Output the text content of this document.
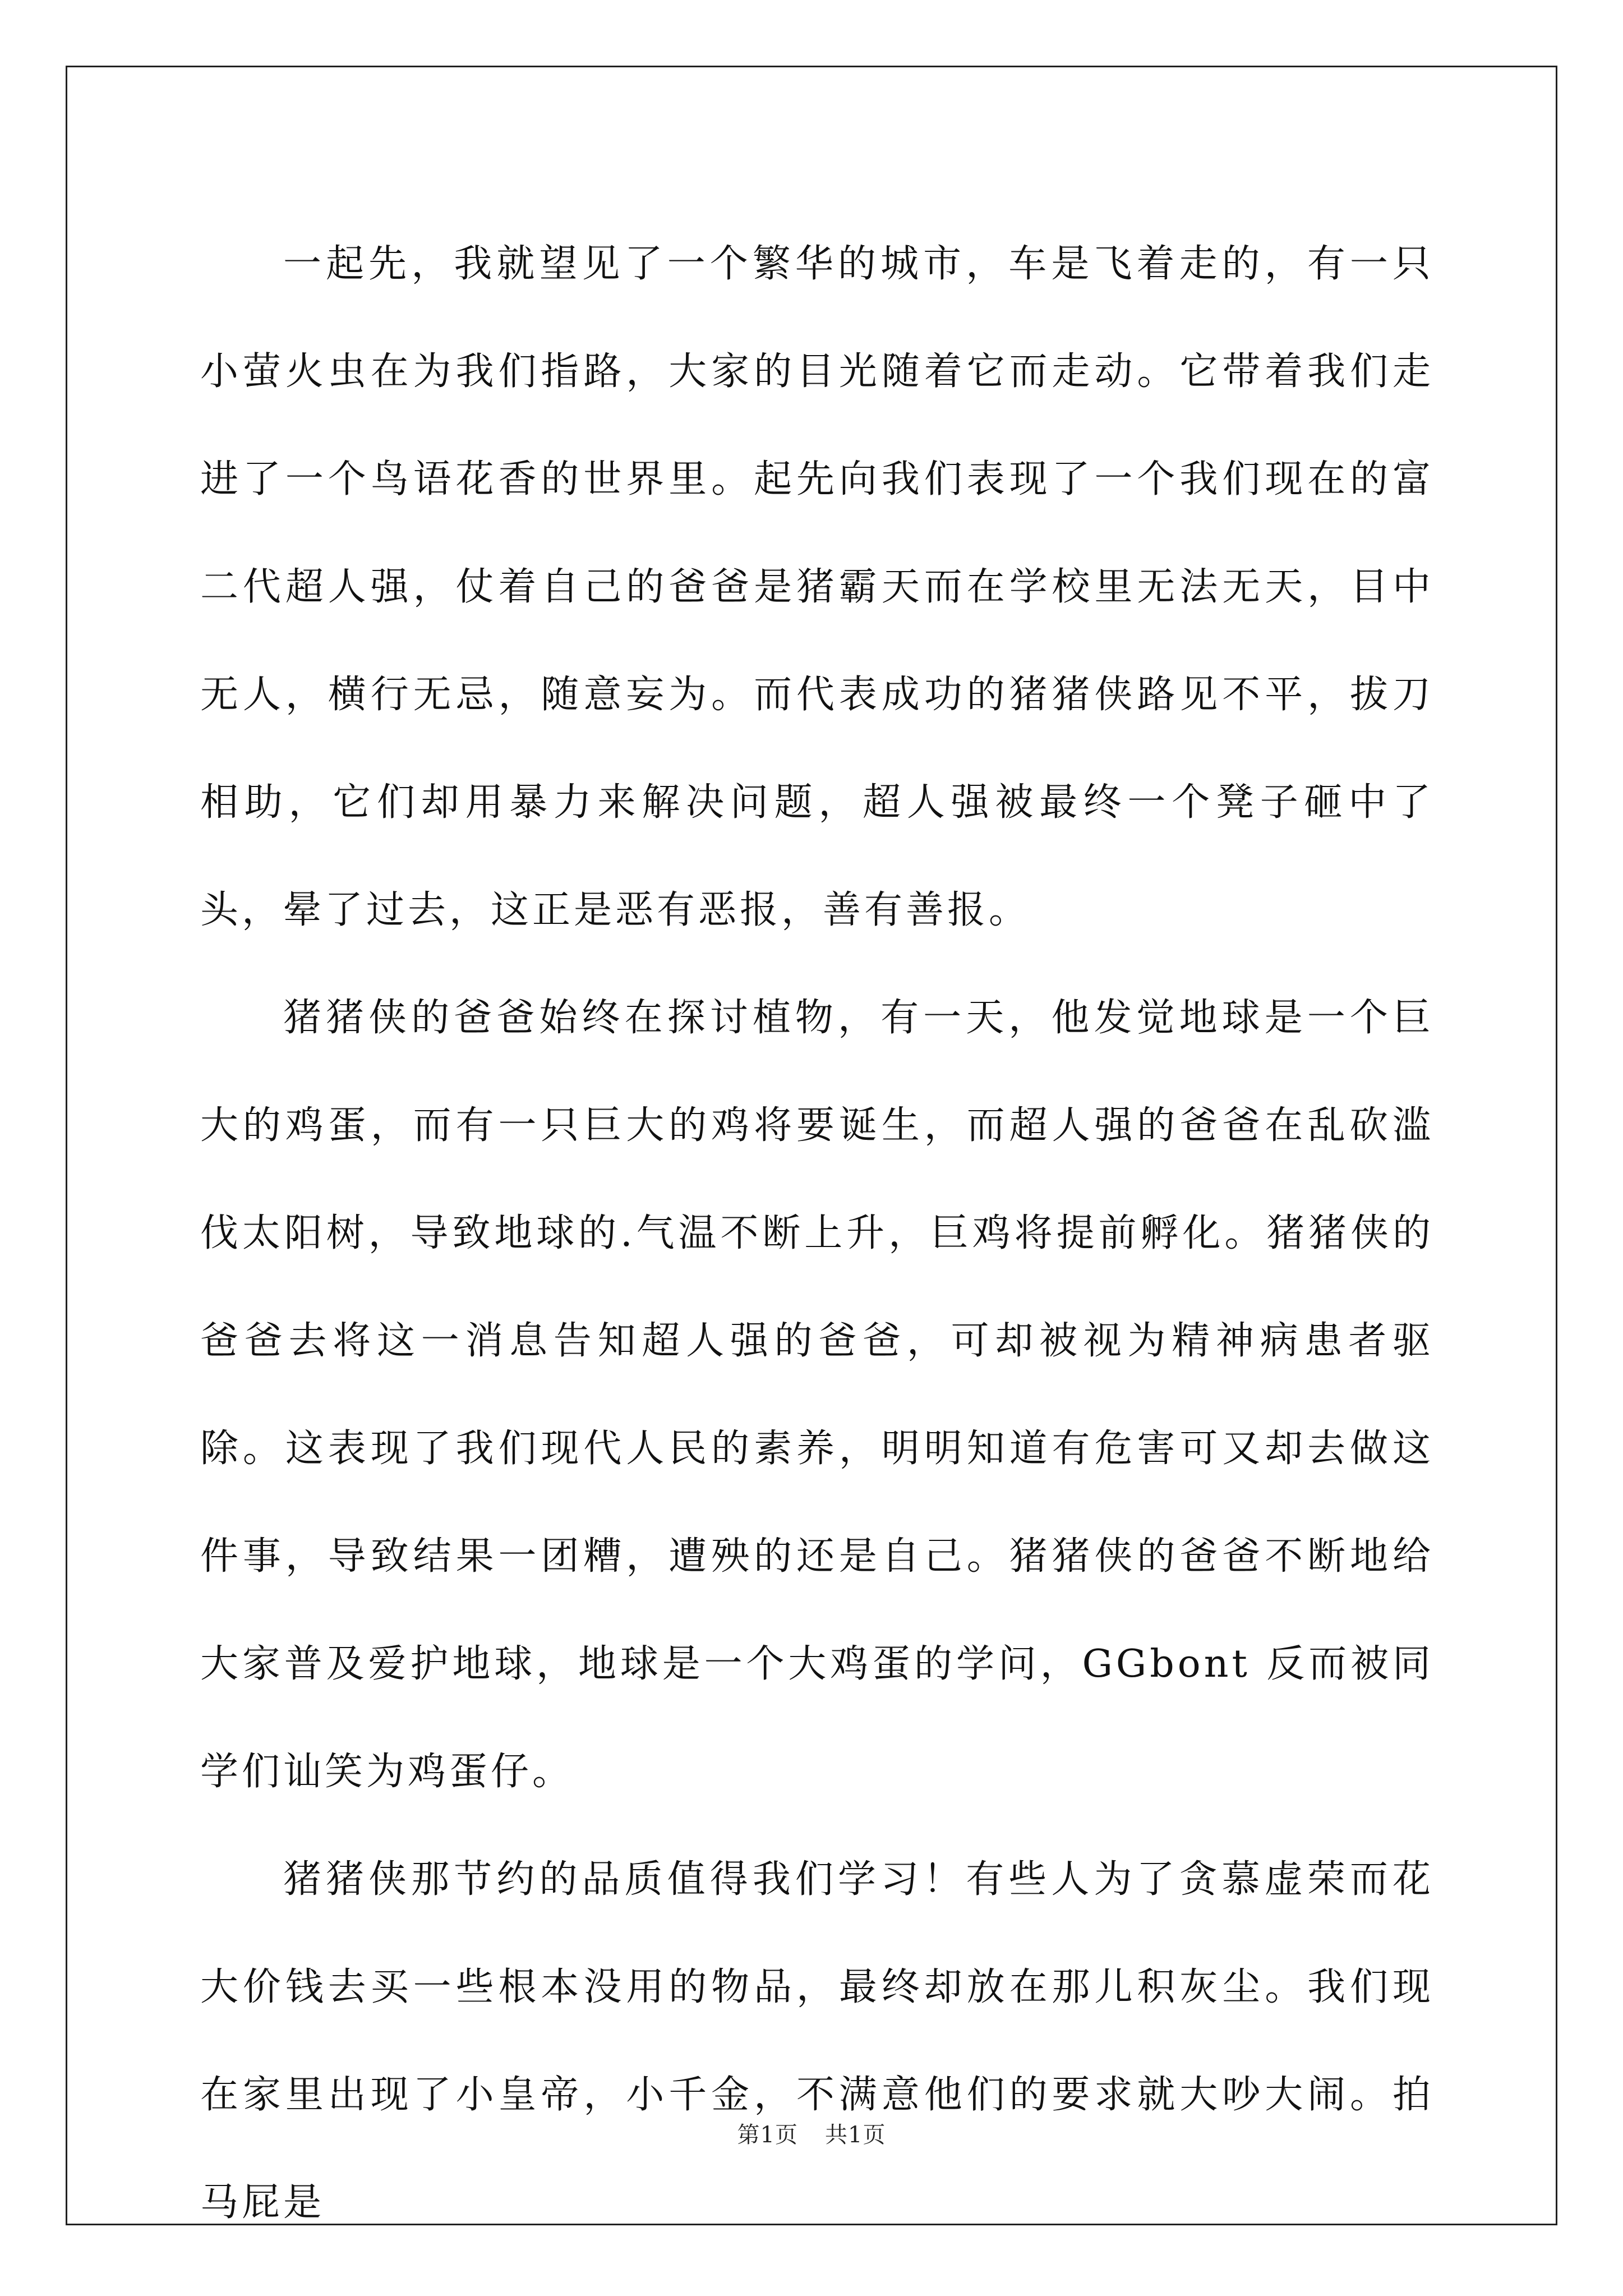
一起先，我就望见了一个繁华的城市，车是飞着走的，有一只小萤火虫在为我们指路，大家的目光随着它而走动。它带着我们走进了一个鸟语花香的世界里。起先向我们表现了一个我们现在的富二代超人强，仗着自己的爸爸是猪霸天而在学校里无法无天，目中无人，横行无忌，随意妄为。而代表成功的猪猪侠路见不平，拔刀相助，它们却用暴力来解决问题，超人强被最终一个凳子砸中了头，晕了过去，这正是恶有恶报，善有善报。

猪猪侠的爸爸始终在探讨植物，有一天，他发觉地球是一个巨大的鸡蛋，而有一只巨大的鸡将要诞生，而超人强的爸爸在乱砍滥伐太阳树，导致地球的.气温不断上升，巨鸡将提前孵化。猪猪侠的爸爸去将这一消息告知超人强的爸爸，可却被视为精神病患者驱除。这表现了我们现代人民的素养，明明知道有危害可又却去做这件事，导致结果一团糟，遭殃的还是自己。猪猪侠的爸爸不断地给大家普及爱护地球，地球是一个大鸡蛋的学问，GGbont 反而被同学们讪笑为鸡蛋仔。

猪猪侠那节约的品质值得我们学习！有些人为了贪慕虚荣而花大价钱去买一些根本没用的物品，最终却放在那儿积灰尘。我们现在家里出现了小皇帝，小千金，不满意他们的要求就大吵大闹。拍马屁是

第1页 共1页
